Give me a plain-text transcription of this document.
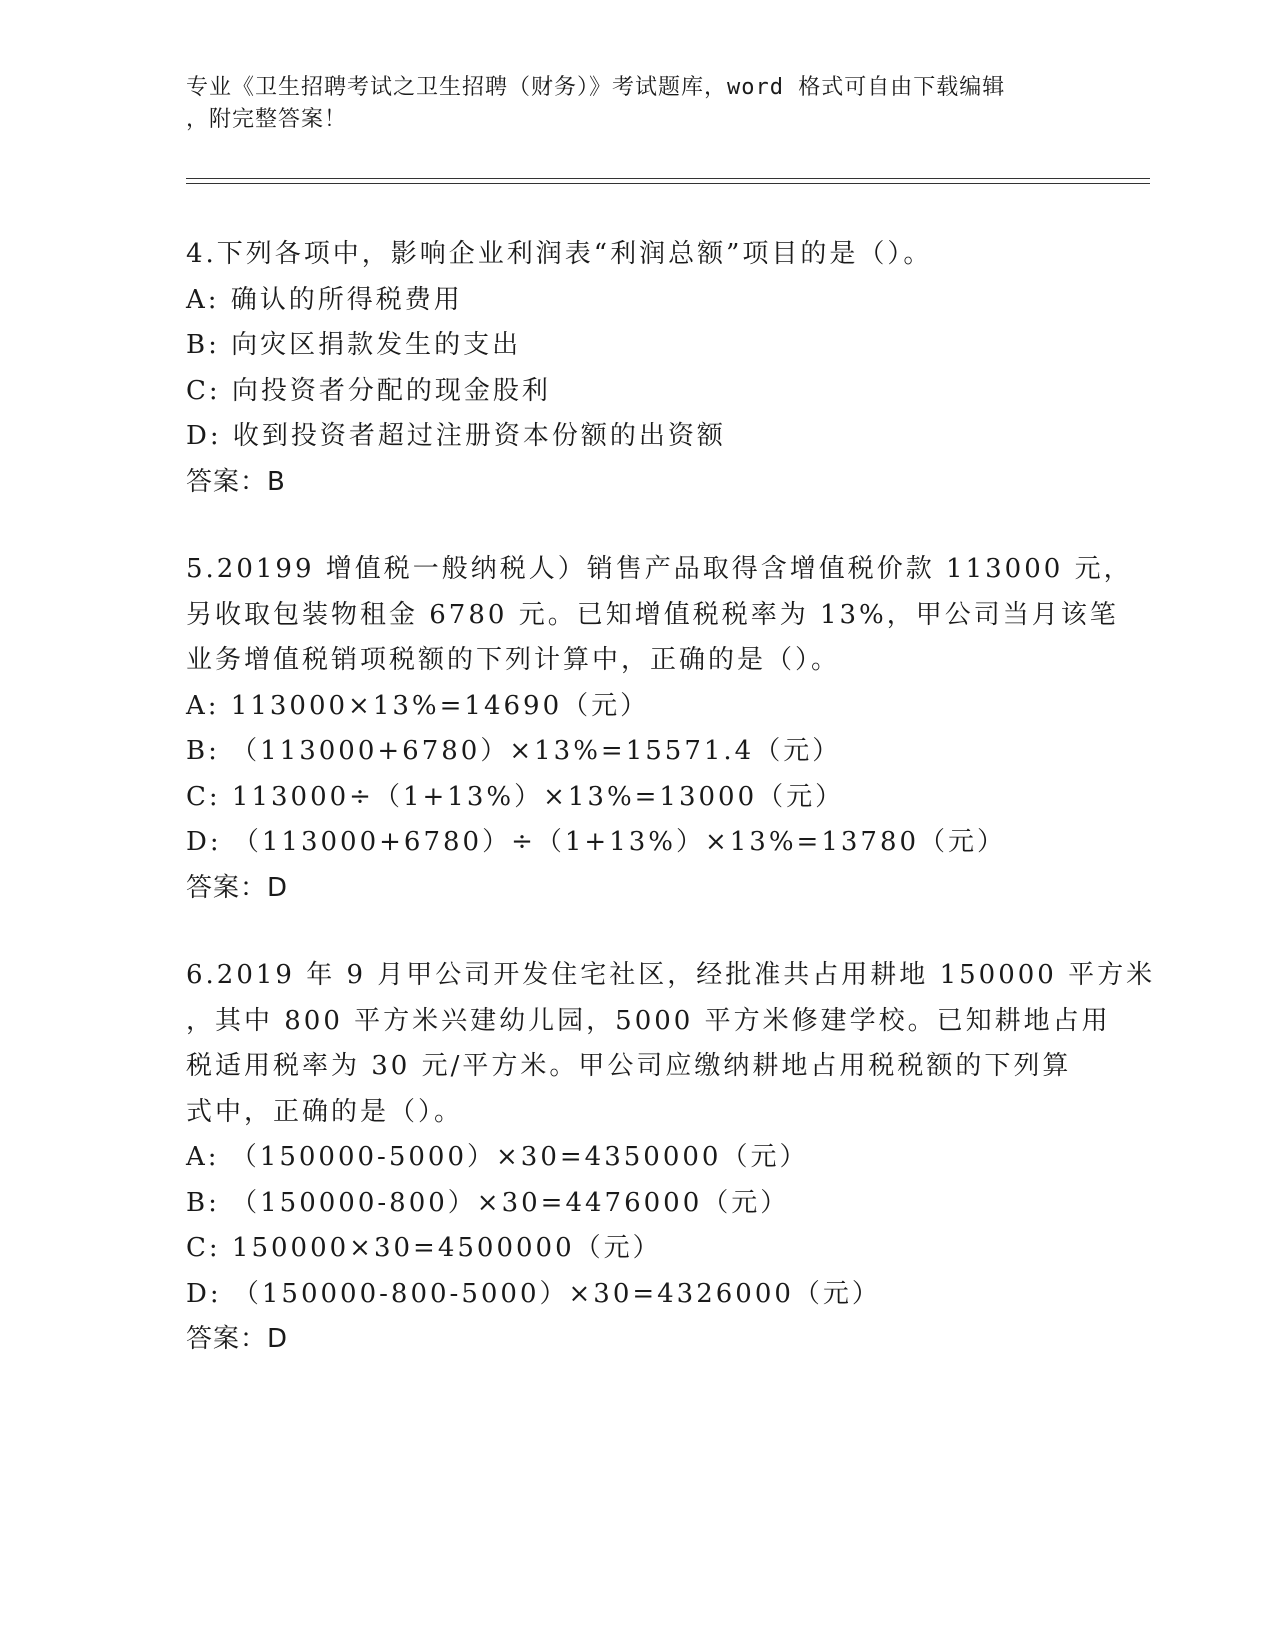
专业《卫生招聘考试之卫生招聘（财务）》考试题库，word 格式可自由下载编辑

，附完整答案！

4.下列各项中，影响企业利润表“利润总额”项目的是（）。

A: 确认的所得税费用

B: 向灾区捐款发生的支出

C: 向投资者分配的现金股利

D: 收到投资者超过注册资本份额的出资额

答案：B

5.20199 增值税一般纳税人）销售产品取得含增值税价款 113000 元，

另收取包装物租金 6780 元。已知增值税税率为 13%，甲公司当月该笔

业务增值税销项税额的下列计算中，正确的是（）。

A: 113000×13%=14690（元）

B: （113000+6780）×13%=15571.4（元）

C: 113000÷（1+13%）×13%=13000（元）

D: （113000+6780）÷（1+13%）×13%=13780（元）

答案：D

6.2019 年 9 月甲公司开发住宅社区，经批准共占用耕地 150000 平方米

，其中 800 平方米兴建幼儿园，5000 平方米修建学校。已知耕地占用

税适用税率为 30 元/平方米。甲公司应缴纳耕地占用税税额的下列算

式中，正确的是（）。

A: （150000-5000）×30=4350000（元）

B: （150000-800）×30=4476000（元）

C: 150000×30=4500000（元）

D: （150000-800-5000）×30=4326000（元）

答案：D
